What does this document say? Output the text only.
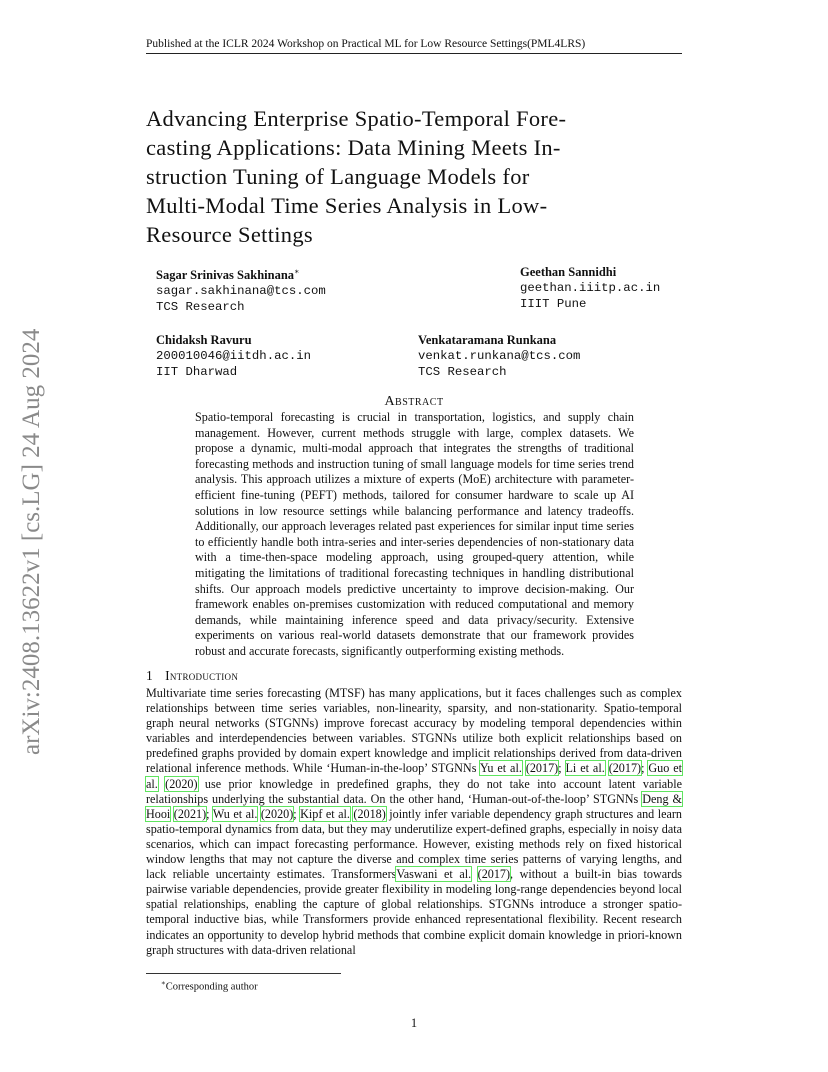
Published at the ICLR 2024 Workshop on Practical ML for Low Resource Settings(PML4LRS)
arXiv:2408.13622v1 [cs.LG] 24 Aug 2024
Advancing Enterprise Spatio-Temporal Fore-
casting Applications: Data Mining Meets In-
struction Tuning of Language Models for
Multi-Modal Time Series Analysis in Low-
Resource Settings
Sagar Srinivas Sakhinana∗
sagar.sakhinana@tcs.com
TCS Research
Geethan Sannidhi
geethan.iiitp.ac.in
IIIT Pune
Chidaksh Ravuru
200010046@iitdh.ac.in
IIT Dharwad
Venkataramana Runkana
venkat.runkana@tcs.com
TCS Research
Abstract
Spatio-temporal forecasting is crucial in transportation, logistics, and supply chain management. However, current methods struggle with large, complex datasets. We propose a dynamic, multi-modal approach that integrates the strengths of traditional forecasting methods and instruction tuning of small language models for time series trend analysis. This approach utilizes a mixture of experts (MoE) architecture with parameter-efficient fine-tuning (PEFT) methods, tailored for consumer hardware to scale up AI solutions in low resource settings while balancing performance and latency tradeoffs. Additionally, our approach leverages related past experiences for similar input time series to efficiently handle both intra-series and inter-series dependencies of non-stationary data with a time-then-space modeling approach, using grouped-query attention, while mitigating the limitations of traditional forecasting techniques in handling distributional shifts. Our approach models predictive uncertainty to improve decision-making. Our framework enables on-premises customization with reduced computational and memory demands, while maintaining inference speed and data privacy/security. Extensive experiments on various real-world datasets demonstrate that our framework provides robust and accurate forecasts, significantly outperforming existing methods.
1 Introduction
Multivariate time series forecasting (MTSF) has many applications, but it faces challenges such as complex relationships between time series variables, non-linearity, sparsity, and non-stationarity. Spatio-temporal graph neural networks (STGNNs) improve forecast accuracy by modeling temporal dependencies within variables and interdependencies between variables. STGNNs utilize both explicit relationships based on predefined graphs provided by domain expert knowledge and implicit relationships derived from data-driven relational inference methods. While ‘Human-in-the-loop’ STGNNs Yu et al. (2017); Li et al. (2017); Guo et al. (2020) use prior knowledge in predefined graphs, they do not take into account latent variable relationships underlying the substantial data. On the other hand, ‘Human-out-of-the-loop’ STGNNs Deng & Hooi (2021); Wu et al. (2020); Kipf et al. (2018) jointly infer variable dependency graph structures and learn spatio-temporal dynamics from data, but they may underutilize expert-defined graphs, especially in noisy data scenarios, which can impact forecasting performance. However, existing methods rely on fixed historical window lengths that may not capture the diverse and complex time series patterns of varying lengths, and lack reliable uncertainty estimates. TransformersVaswani et al. (2017), without a built-in bias towards pairwise variable dependencies, provide greater flexibility in modeling long-range dependencies beyond local spatial relationships, enabling the capture of global relationships. STGNNs introduce a stronger spatio-temporal inductive bias, while Transformers provide enhanced representational flexibility. Recent research indicates an opportunity to develop hybrid methods that combine explicit domain knowledge in priori-known graph structures with data-driven relational
∗Corresponding author
1
